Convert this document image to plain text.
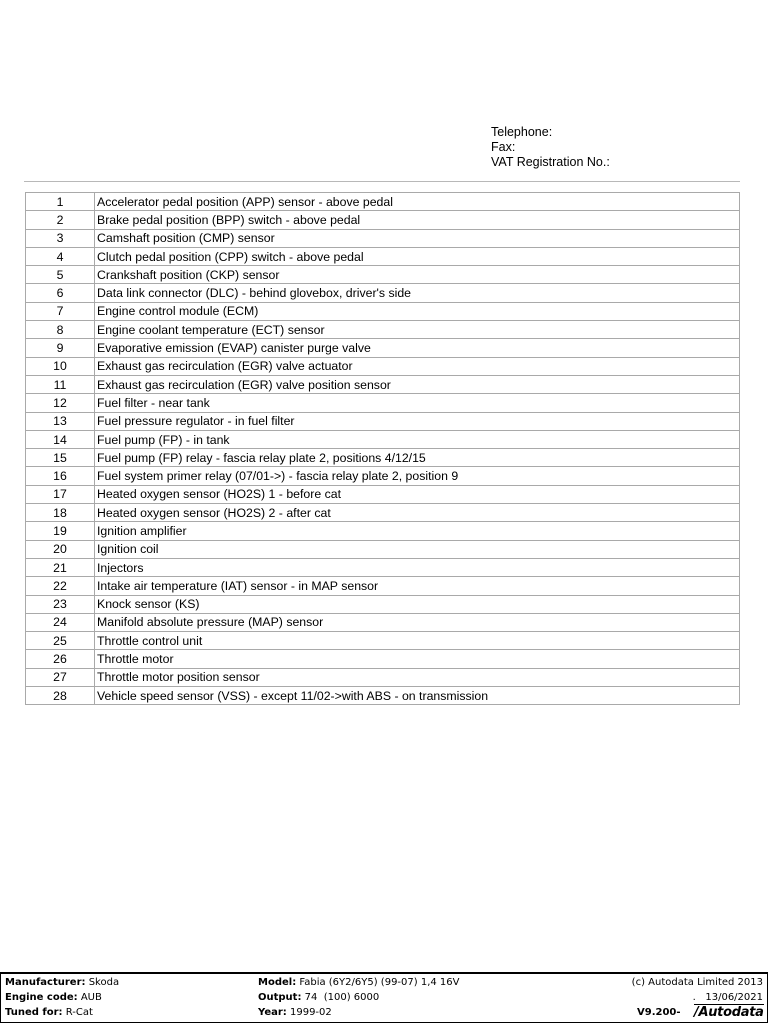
Telephone:
Fax:
VAT Registration No.:
1	Accelerator pedal position (APP) sensor - above pedal
2	Brake pedal position (BPP) switch - above pedal
3	Camshaft position (CMP) sensor
4	Clutch pedal position (CPP) switch - above pedal
5	Crankshaft position (CKP) sensor
6	Data link connector (DLC) - behind glovebox, driver's side
7	Engine control module (ECM)
8	Engine coolant temperature (ECT) sensor
9	Evaporative emission (EVAP) canister purge valve
10	Exhaust gas recirculation (EGR) valve actuator
11	Exhaust gas recirculation (EGR) valve position sensor
12	Fuel filter - near tank
13	Fuel pressure regulator - in fuel filter
14	Fuel pump (FP) - in tank
15	Fuel pump (FP) relay - fascia relay plate 2, positions 4/12/15
16	Fuel system primer relay (07/01->) - fascia relay plate 2, position 9
17	Heated oxygen sensor (HO2S) 1 - before cat
18	Heated oxygen sensor (HO2S) 2 - after cat
19	Ignition amplifier
20	Ignition coil
21	Injectors
22	Intake air temperature (IAT) sensor - in MAP sensor
23	Knock sensor (KS)
24	Manifold absolute pressure (MAP) sensor
25	Throttle control unit
26	Throttle motor
27	Throttle motor position sensor
28	Vehicle speed sensor (VSS) - except 11/02->with ABS - on transmission
Manufacturer: Skoda
Engine code: AUB
Tuned for: R-Cat
Model: Fabia (6Y2/6Y5) (99-07) 1,4 16V
Output: 74  (100) 6000
Year: 1999-02
(c) Autodata Limited 2013
. 13/06/2021
V9.200- /Autodata
